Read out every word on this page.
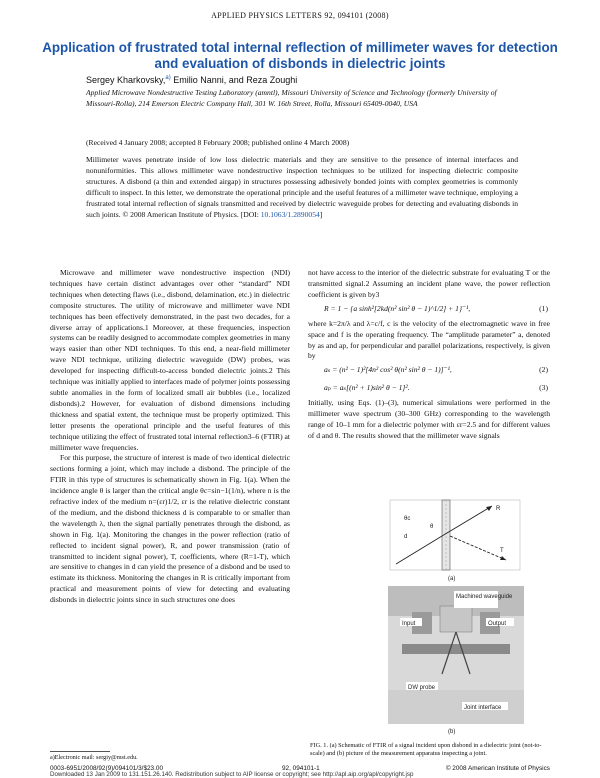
APPLIED PHYSICS LETTERS 92, 094101 (2008)
Application of frustrated total internal reflection of millimeter waves for detection and evaluation of disbonds in dielectric joints
Sergey Kharkovsky,$^{a)}$ Emilio Nanni, and Reza Zoughi
Applied Microwave Nondestructive Testing Laboratory (amntl), Missouri University of Science and Technology (formerly University of Missouri-Rolla), 214 Emerson Electric Company Hall, 301 W. 16th Street, Rolla, Missouri 65409-0040, USA
(Received 4 January 2008; accepted 8 February 2008; published online 4 March 2008)
Millimeter waves penetrate inside of low loss dielectric materials and they are sensitive to the presence of internal interfaces and nonuniformities. This allows millimeter wave nondestructive inspection techniques to be utilized for inspecting dielectric composite structures. A disbond (a thin and extended airgap) in structures possessing adhesively bonded joints with complex geometries is commonly difficult to inspect. In this letter, we demonstrate the operational principle and the useful features of a millimeter wave technique, employing a frustrated total internal reflection of signals transmitted and received by dielectric waveguide probes for detecting and evaluating disbonds in such joints. © 2008 American Institute of Physics. [DOI: 10.1063/1.2890054]

Microwave and millimeter wave nondestructive inspection (NDI) techniques have certain distinct advantages over other “standard” NDI techniques when detecting flaws (i.e., disbond, delamination, etc.) in dielectric composite structures. The utility of microwave and millimeter wave NDI techniques has been effectively demonstrated, in the past two decades, for a diverse array of applications.1 Moreover, at these frequencies, inspection systems can be readily designed to accommodate complex geometries in many ways easier than other NDI techniques. To this end, a near-field millimeter wave NDI technique, utilizing dielectric waveguide (DW) probes, was developed for inspecting difficult-to-access bonded dielectric joints.2 This technique was initially applied to interfaces made of polymer joints possessing subtle anomalies in the form of localized small air bubbles (i.e., localized disbonds).2 However, for evaluation of disbond dimensions including thickness and spatial extent, the technique must be properly optimized. This letter presents the operational principle and the useful features of this technique utilizing the effect of frustrated total internal reflection3–6 (FTIR) at millimeter wave frequencies.

For this purpose, the structure of interest is made of two identical dielectric sections forming a joint, which may include a disbond. The principle of the FTIR in this type of structures is schematically shown in Fig. 1(a). When the incidence angle θ is larger than the critical angle θc=sin−1(1/n), where n is the refractive index of the medium n=(εr)1/2, εr is the relative dielectric constant of the medium, and the disbond thickness d is comparable to or smaller than the wavelength λ, then the signal partially penetrates through the disbond, as shown in Fig. 1(a). Monitoring the changes in the power reflection (ratio of reflected to incident signal power), R, and power transmission (ratio of transmitted to incident signal power), T, coefficients, where (R=1-T), which are sensitive to changes in d can yield the presence of a disbond and be used to estimate its thickness. Monitoring the changes in R is critically important from practical and measurement points of view for detecting and evaluating disbonds in dielectric joints since in such structures one does

not have access to the interior of the dielectric substrate for evaluating T or the transmitted signal.2 Assuming an incident plane wave, the power reflection coefficient is given by3

R = 1 − {a sinh²[2kd(n² sin² θ − 1)^1/2] + 1}⁻¹,	(1)

where k=2π/λ and λ=c/f, c is the velocity of the electromagnetic wave in free space and f is the operating frequency. The “amplitude parameter” a, denoted by as and ap, for perpendicular and parallel polarizations, respectively, is given by

aₛ = (n² − 1)²[4n² cos² θ(n² sin² θ − 1)]⁻¹,	(2)
aₚ = aₛ[(n² + 1)sin² θ − 1]².	(3)

Initially, using Eqs. (1)–(3), numerical simulations were performed in the millimeter wave spectrum (30–300 GHz) corresponding to the wavelength range of 10–1 mm for a dielectric polymer with εr=2.5 and for different values of d and θ. The results showed that the millimeter wave signals

θc
θ
d
R
T
(a)
Input	Output
Machined waveguide
DW probe
Joint interface
(b)
FIG. 1. (a) Schematic of FTIR of a signal incident upon disbond in a dielectric joint (not-to-scale) and (b) picture of the measurement apparatus inspecting a joint.
a)Electronic mail: sergiy@mst.edu.
0003-6951/2008/92(9)/094101/3/$23.00	92, 094101-1	© 2008 American Institute of Physics
Downloaded 13 Jan 2009 to 131.151.26.140. Redistribution subject to AIP license or copyright; see http://apl.aip.org/apl/copyright.jsp
